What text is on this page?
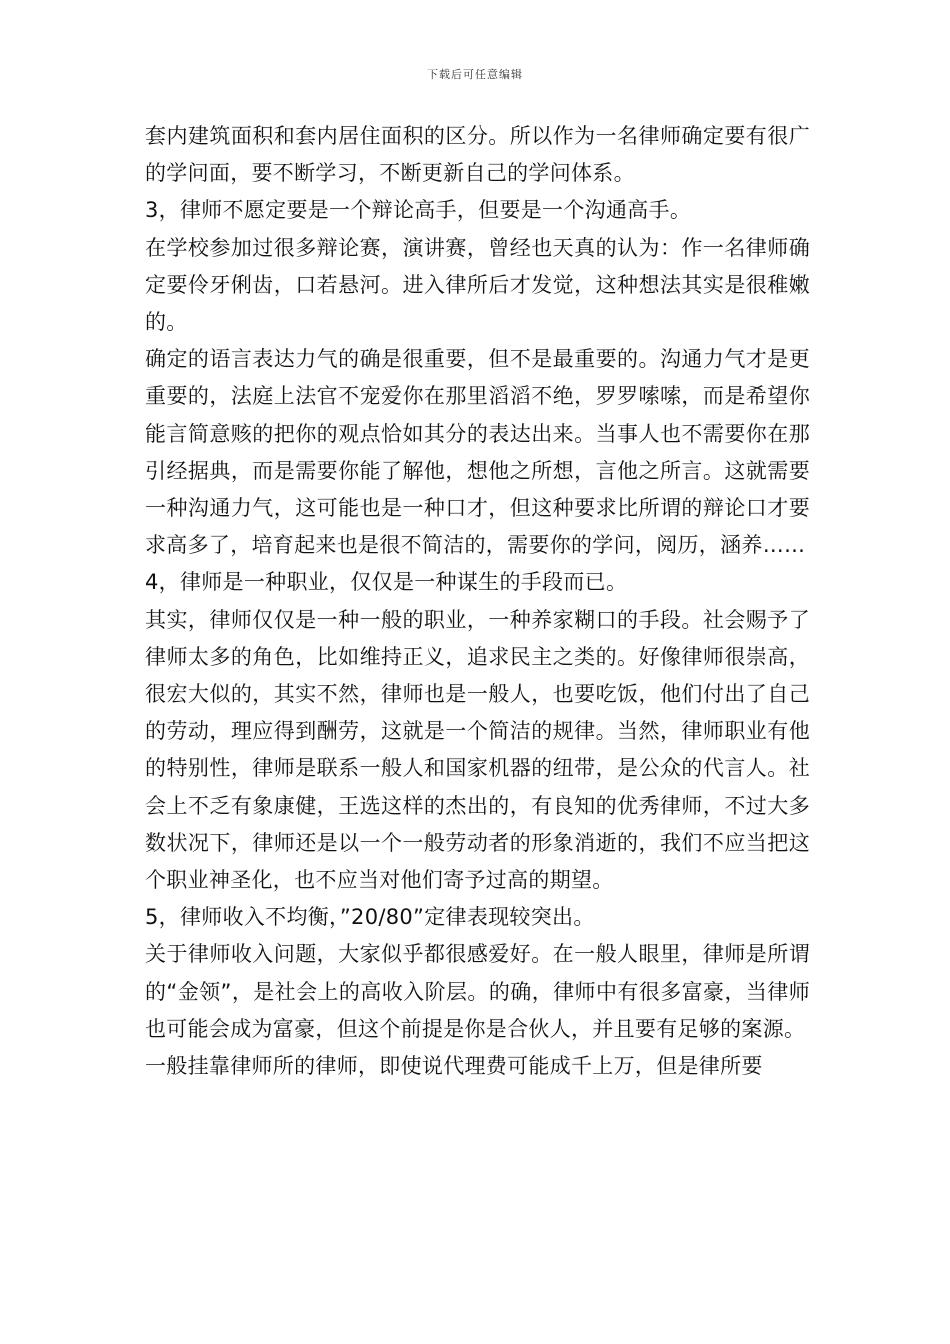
下载后可任意编辑

套内建筑面积和套内居住面积的区分。所以作为一名律师确定要有很广的学问面，要不断学习，不断更新自己的学问体系。

3，律师不愿定要是一个辩论高手，但要是一个沟通高手。

在学校参加过很多辩论赛，演讲赛，曾经也天真的认为：作一名律师确定要伶牙俐齿，口若悬河。进入律所后才发觉，这种想法其实是很稚嫩的。

确定的语言表达力气的确是很重要，但不是最重要的。沟通力气才是更重要的，法庭上法官不宠爱你在那里滔滔不绝，罗罗嗦嗦，而是希望你能言简意赅的把你的观点恰如其分的表达出来。当事人也不需要你在那引经据典，而是需要你能了解他，想他之所想，言他之所言。这就需要一种沟通力气，这可能也是一种口才，但这种要求比所谓的辩论口才要求高多了，培育起来也是很不简洁的，需要你的学问，阅历，涵养……

4，律师是一种职业，仅仅是一种谋生的手段而已。

其实，律师仅仅是一种一般的职业，一种养家糊口的手段。社会赐予了律师太多的角色，比如维持正义，追求民主之类的。好像律师很崇高，很宏大似的，其实不然，律师也是一般人，也要吃饭，他们付出了自己的劳动，理应得到酬劳，这就是一个简洁的规律。当然，律师职业有他的特别性，律师是联系一般人和国家机器的纽带，是公众的代言人。社会上不乏有象康健，王选这样的杰出的，有良知的优秀律师，不过大多数状况下，律师还是以一个一般劳动者的形象消逝的，我们不应当把这个职业神圣化，也不应当对他们寄予过高的期望。

5，律师收入不均衡，”20/80”定律表现较突出。

关于律师收入问题，大家似乎都很感爱好。在一般人眼里，律师是所谓的“金领”，是社会上的高收入阶层。的确，律师中有很多富豪，当律师也可能会成为富豪，但这个前提是你是合伙人，并且要有足够的案源。

一般挂靠律师所的律师，即使说代理费可能成千上万，但是律所要
